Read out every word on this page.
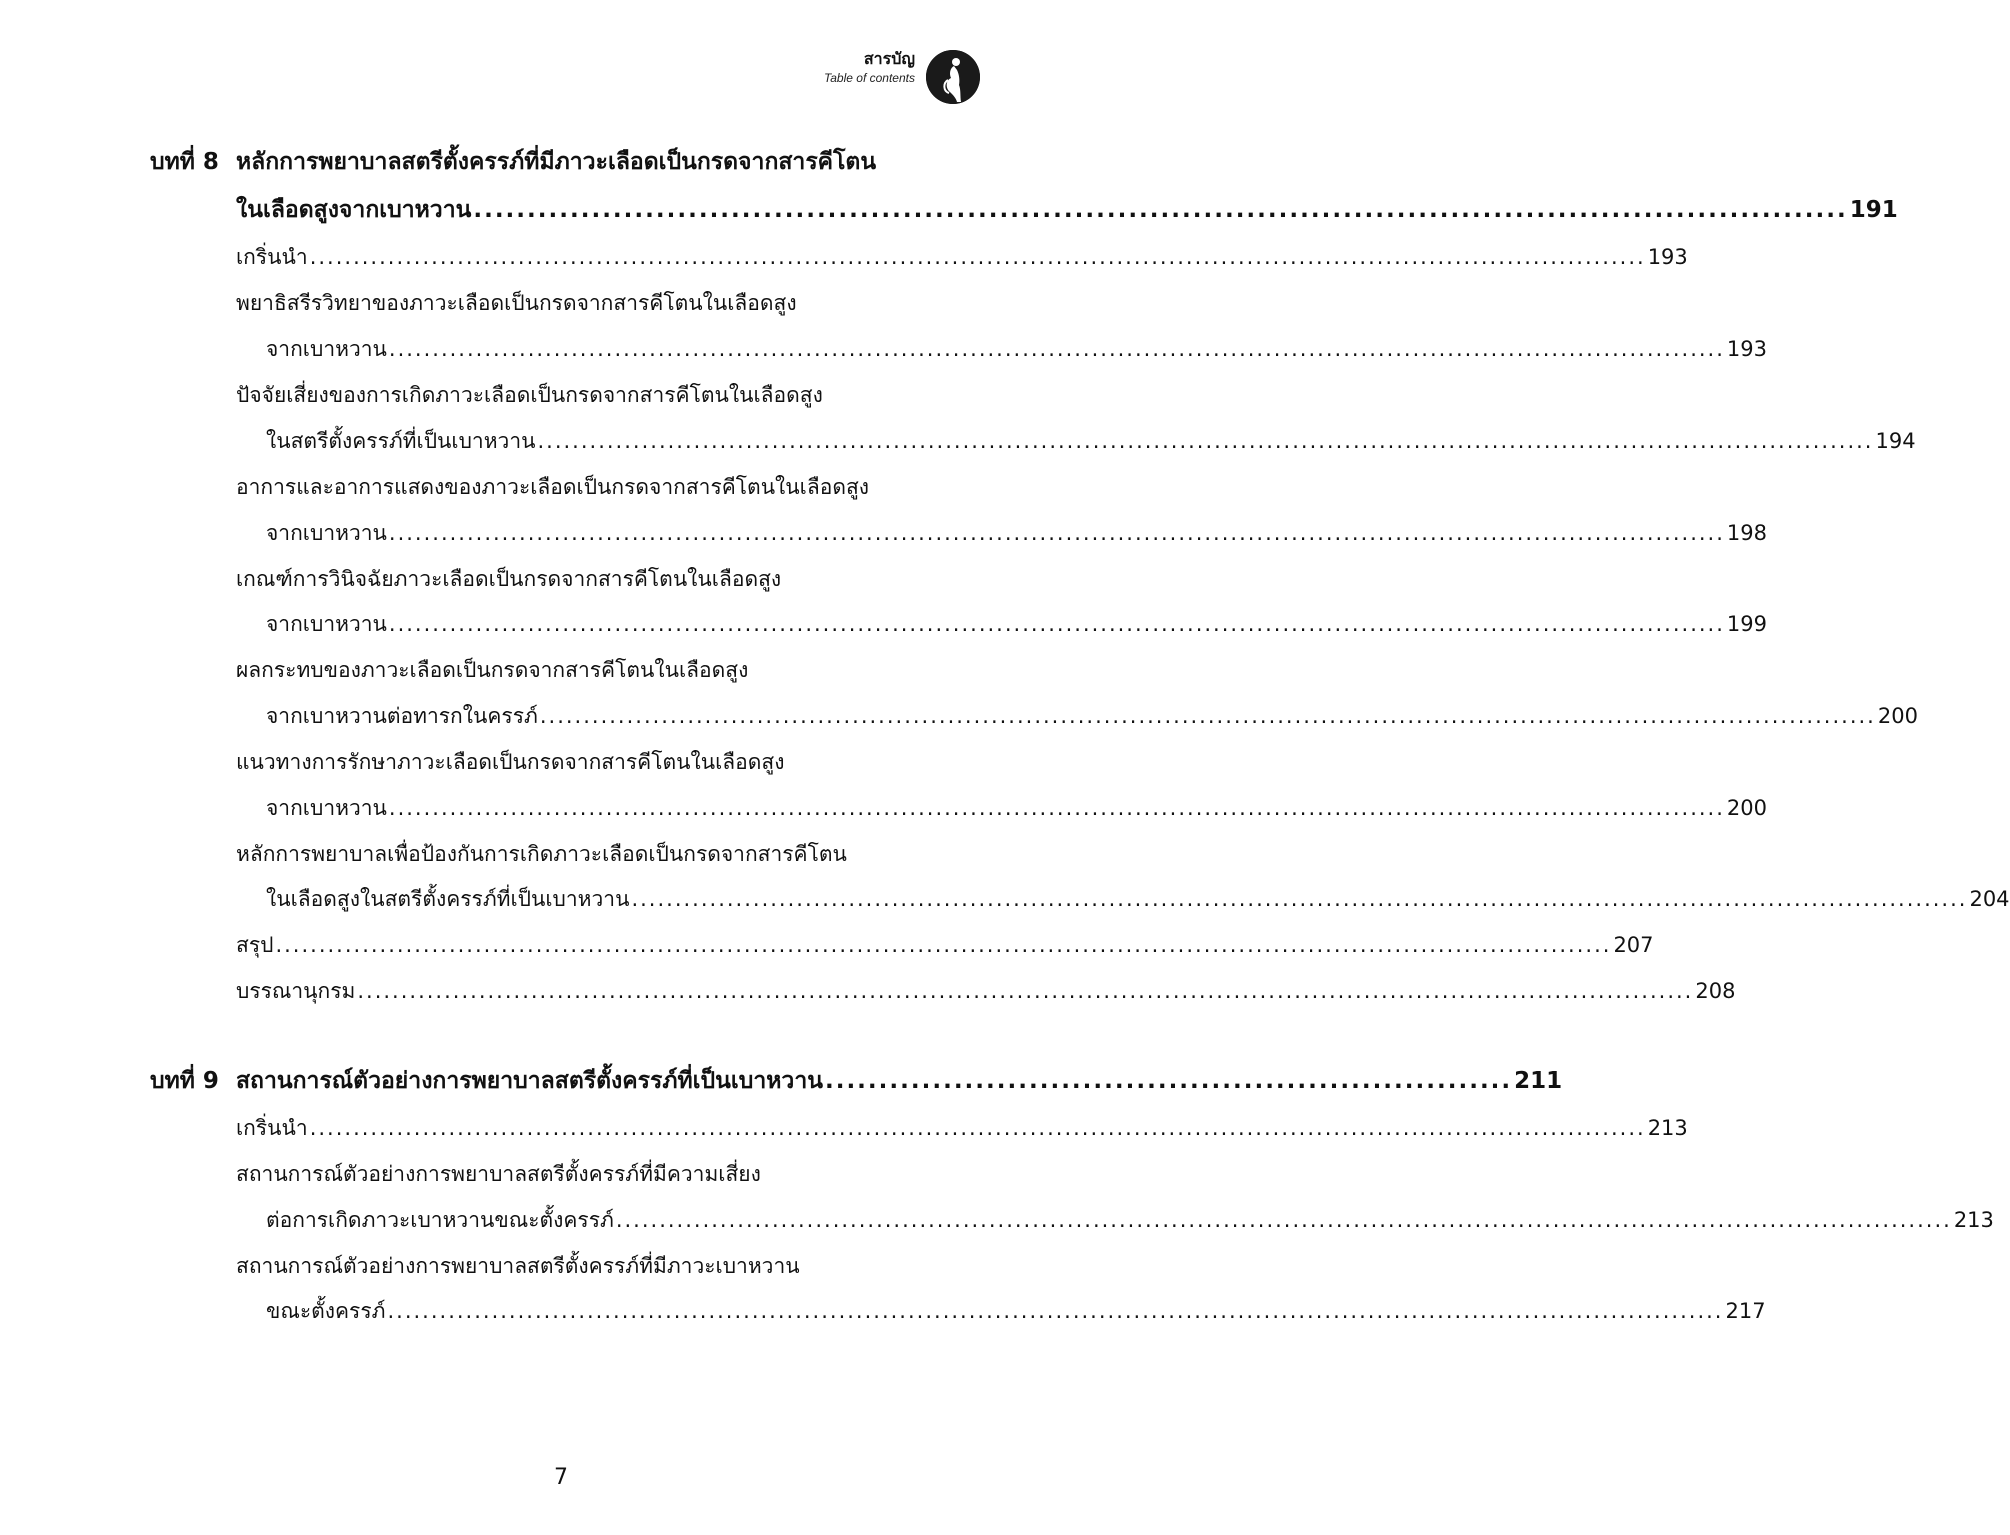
สารบัญ
Table of contents
บทที่ 8 หลักการพยาบาลสตรีตั้งครรภ์ที่มีภาวะเลือดเป็นกรดจากสารคีโตน
ในเลือดสูงจากเบาหวาน ................................................................................................................................ 191
เกริ่นนำ .......................................................................................................................................................... 193
พยาธิสรีรวิทยาของภาวะเลือดเป็นกรดจากสารคีโตนในเลือดสูง
จากเบาหวาน .......................................................................................................................................................... 193
ปัจจัยเสี่ยงของการเกิดภาวะเลือดเป็นกรดจากสารคีโตนในเลือดสูง
ในสตรีตั้งครรภ์ที่เป็นเบาหวาน .......................................................................................................................................................... 194
อาการและอาการแสดงของภาวะเลือดเป็นกรดจากสารคีโตนในเลือดสูง
จากเบาหวาน .......................................................................................................................................................... 198
เกณฑ์การวินิจฉัยภาวะเลือดเป็นกรดจากสารคีโตนในเลือดสูง
จากเบาหวาน .......................................................................................................................................................... 199
ผลกระทบของภาวะเลือดเป็นกรดจากสารคีโตนในเลือดสูง
จากเบาหวานต่อทารกในครรภ์ .......................................................................................................................................................... 200
แนวทางการรักษาภาวะเลือดเป็นกรดจากสารคีโตนในเลือดสูง
จากเบาหวาน .......................................................................................................................................................... 200
หลักการพยาบาลเพื่อป้องกันการเกิดภาวะเลือดเป็นกรดจากสารคีโตน
ในเลือดสูงในสตรีตั้งครรภ์ที่เป็นเบาหวาน .......................................................................................................................................................... 204
สรุป .......................................................................................................................................................... 207
บรรณานุกรม .......................................................................................................................................................... 208
บทที่ 9 สถานการณ์ตัวอย่างการพยาบาลสตรีตั้งครรภ์ที่เป็นเบาหวาน ................................................................ 211
เกริ่นนำ .......................................................................................................................................................... 213
สถานการณ์ตัวอย่างการพยาบาลสตรีตั้งครรภ์ที่มีความเสี่ยง
ต่อการเกิดภาวะเบาหวานขณะตั้งครรภ์ .......................................................................................................................................................... 213
สถานการณ์ตัวอย่างการพยาบาลสตรีตั้งครรภ์ที่มีภาวะเบาหวาน
ขณะตั้งครรภ์ .......................................................................................................................................................... 217
7
